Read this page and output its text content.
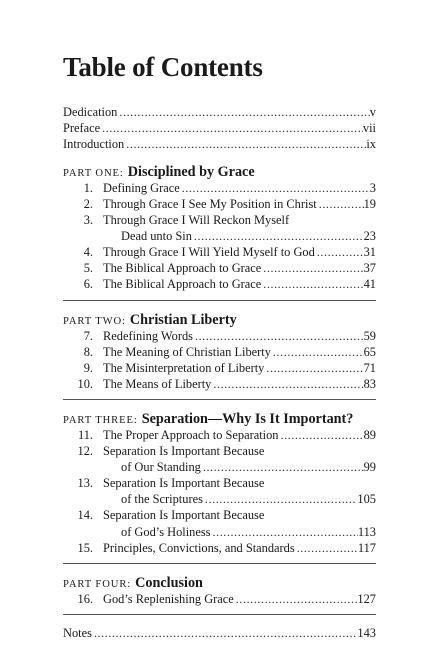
Table of Contents
Dedication . . .	v
Preface . . .	vii
Introduction . . .	ix
PART ONE: Disciplined by Grace
1. Defining Grace . . .	3
2. Through Grace I See My Position in Christ . . .	19
3. Through Grace I Will Reckon Myself
Dead unto Sin . . .	23
4. Through Grace I Will Yield Myself to God . . .	31
5. The Biblical Approach to Grace . . .	37
6. The Biblical Approach to Grace . . .	41
PART TWO: Christian Liberty
7. Redefining Words . . .	59
8. The Meaning of Christian Liberty . . .	65
9. The Misinterpretation of Liberty . . .	71
10. The Means of Liberty . . .	83
PART THREE: Separation—Why Is It Important?
11. The Proper Approach to Separation . . .	89
12. Separation Is Important Because
of Our Standing . . .	99
13. Separation Is Important Because
of the Scriptures . . .	105
14. Separation Is Important Because
of God’s Holiness . . .	113
15. Principles, Convictions, and Standards . . .	117
PART FOUR: Conclusion
16. God’s Replenishing Grace . . .	127
Notes . . .	143
